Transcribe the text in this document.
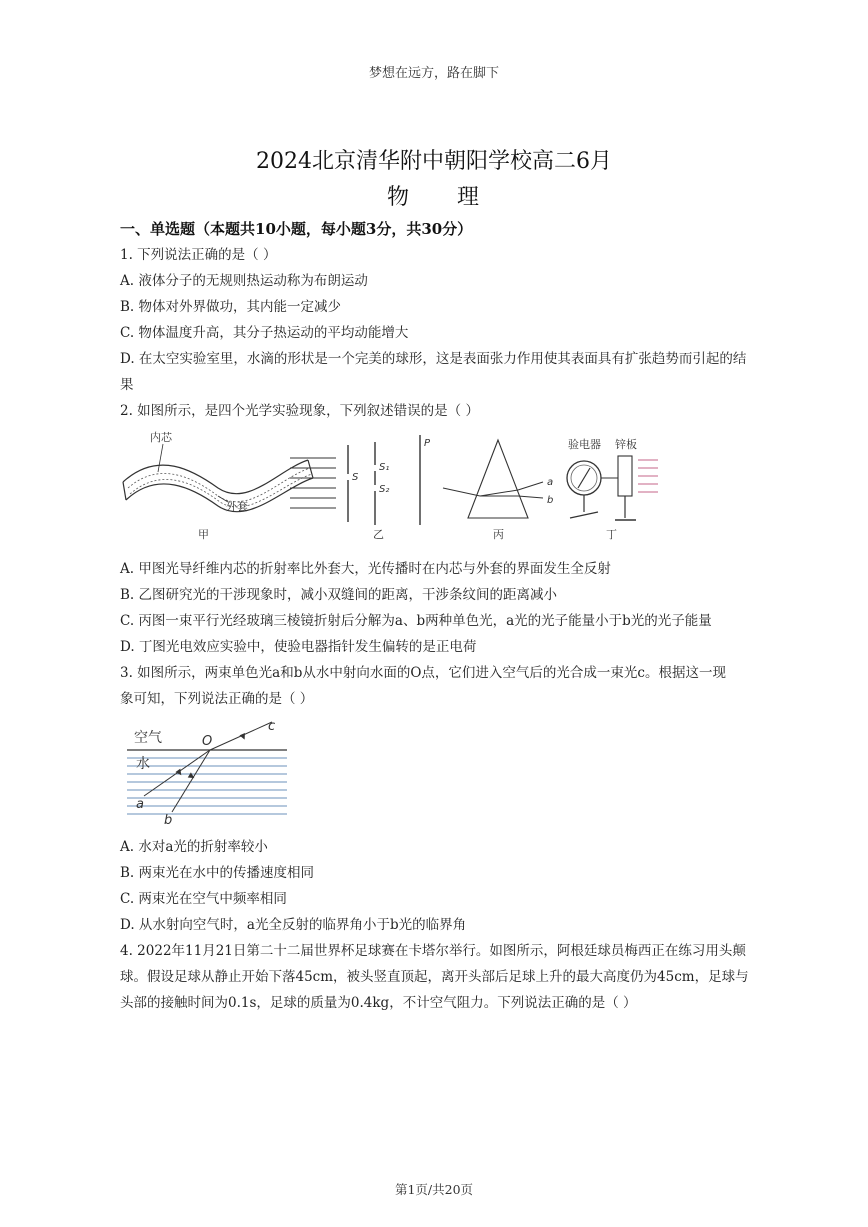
梦想在远方，路在脚下
2024北京清华附中朝阳学校高二6月
物 理
一、单选题（本题共10小题，每小题3分，共30分）
1. 下列说法正确的是（ ）
A. 液体分子的无规则热运动称为布朗运动
B. 物体对外界做功，其内能一定减少
C. 物体温度升高，其分子热运动的平均动能增大
D. 在太空实验室里，水滴的形状是一个完美的球形，这是表面张力作用使其表面具有扩张趋势而引起的结
果
2. 如图所示，是四个光学实验现象，下列叙述错误的是（ ）
内芯
外套
甲
S
S₁
S₂
P
乙
a
b
丙
验电器 锌板
丁
A. 甲图光导纤维内芯的折射率比外套大，光传播时在内芯与外套的界面发生全反射
B. 乙图研究光的干涉现象时，减小双缝间的距离，干涉条纹间的距离减小
C. 丙图一束平行光经玻璃三棱镜折射后分解为a、b两种单色光，a光的光子能量小于b光的光子能量
D. 丁图光电效应实验中，使验电器指针发生偏转的是正电荷
3. 如图所示，两束单色光a和b从水中射向水面的O点，它们进入空气后的光合成一束光c。根据这一现
象可知，下列说法正确的是（ ）
空气
水
O
a
b
c
A. 水对a光的折射率较小
B. 两束光在水中的传播速度相同
C. 两束光在空气中频率相同
D. 从水射向空气时，a光全反射的临界角小于b光的临界角
4. 2022年11月21日第二十二届世界杯足球赛在卡塔尔举行。如图所示，阿根廷球员梅西正在练习用头颠
球。假设足球从静止开始下落45cm，被头竖直顶起，离开头部后足球上升的最大高度仍为45cm，足球与
头部的接触时间为0.1s，足球的质量为0.4kg，不计空气阻力。下列说法正确的是（ ）
第1页/共20页
